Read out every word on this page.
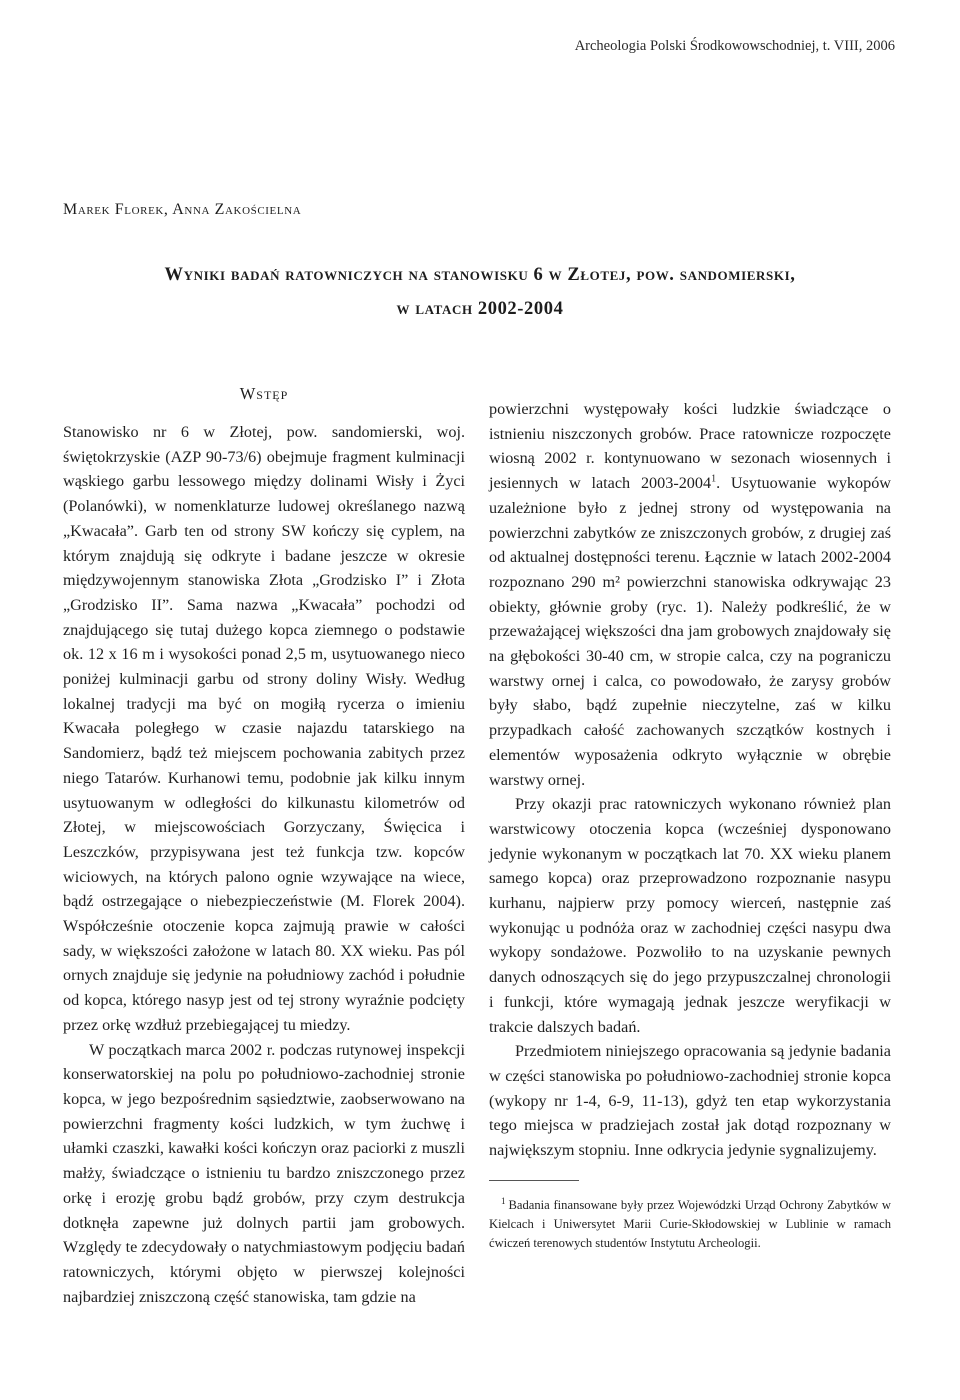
Archeologia Polski Środkowowschodniej, t. VIII, 2006
Marek Florek, Anna Zakościelna
Wyniki badań ratowniczych na stanowisku 6 w Złotej, pow. sandomierski,
w latach 2002-2004
Wstęp

Stanowisko nr 6 w Złotej, pow. sandomierski, woj. świętokrzyskie (AZP 90-73/6) obejmuje fragment kulminacji wąskiego garbu lessowego między dolinami Wisły i Życi (Polanówki), w nomenklaturze ludowej określanego nazwą „Kwacała”. Garb ten od strony SW kończy się cyplem, na którym znajdują się odkryte i badane jeszcze w okresie międzywojennym stanowiska Złota „Grodzisko I” i Złota „Grodzisko II”. Sama nazwa „Kwacała” pochodzi od znajdującego się tutaj dużego kopca ziemnego o podstawie ok. 12 x 16 m i wysokości ponad 2,5 m, usytuowanego nieco poniżej kulminacji garbu od strony doliny Wisły. Według lokalnej tradycji ma być on mogiłą rycerza o imieniu Kwacała poległego w czasie najazdu tatarskiego na Sandomierz, bądź też miejscem pochowania zabitych przez niego Tatarów. Kurhanowi temu, podobnie jak kilku innym usytuowanym w odległości do kilkunastu kilometrów od Złotej, w miejscowościach Gorzyczany, Święcica i Leszczków, przypisywana jest też funkcja tzw. kopców wiciowych, na których palono ognie wzywające na wiece, bądź ostrzegające o niebezpieczeństwie (M. Florek 2004). Współcześnie otoczenie kopca zajmują prawie w całości sady, w większości założone w latach 80. XX wieku. Pas pól ornych znajduje się jedynie na południowy zachód i południe od kopca, którego nasyp jest od tej strony wyraźnie podcięty przez orkę wzdłuż przebiegającej tu miedzy.

W początkach marca 2002 r. podczas rutynowej inspekcji konserwatorskiej na polu po południowo-zachodniej stronie kopca, w jego bezpośrednim sąsiedztwie, zaobserwowano na powierzchni fragmenty kości ludzkich, w tym żuchwę i ułamki czaszki, kawałki kości kończyn oraz paciorki z muszli małży, świadczące o istnieniu tu bardzo zniszczonego przez orkę i erozję grobu bądź grobów, przy czym destrukcja dotknęła zapewne już dolnych partii jam grobowych. Względy te zdecydowały o natychmiastowym podjęciu badań ratowniczych, którymi objęto w pierwszej kolejności najbardziej zniszczoną część stanowiska, tam gdzie na

powierzchni występowały kości ludzkie świadczące o istnieniu niszczonych grobów. Prace ratownicze rozpoczęte wiosną 2002 r. kontynuowano w sezonach wiosennych i jesiennych w latach 2003-2004$^1$. Usytuowanie wykopów uzależnione było z jednej strony od występowania na powierzchni zabytków ze zniszczonych grobów, z drugiej zaś od aktualnej dostępności terenu. Łącznie w latach 2002-2004 rozpoznano 290 m² powierzchni stanowiska odkrywając 23 obiekty, głównie groby (ryc. 1). Należy podkreślić, że w przeważającej większości dna jam grobowych znajdowały się na głębokości 30-40 cm, w stropie calca, czy na pograniczu warstwy ornej i calca, co powodowało, że zarysy grobów były słabo, bądź zupełnie nieczytelne, zaś w kilku przypadkach całość zachowanych szczątków kostnych i elementów wyposażenia odkryto wyłącznie w obrębie warstwy ornej.

Przy okazji prac ratowniczych wykonano również plan warstwicowy otoczenia kopca (wcześniej dysponowano jedynie wykonanym w początkach lat 70. XX wieku planem samego kopca) oraz przeprowadzono rozpoznanie nasypu kurhanu, najpierw przy pomocy wierceń, następnie zaś wykonując u podnóża oraz w zachodniej części nasypu dwa wykopy sondażowe. Pozwoliło to na uzyskanie pewnych danych odnoszących się do jego przypuszczalnej chronologii i funkcji, które wymagają jednak jeszcze weryfikacji w trakcie dalszych badań.

Przedmiotem niniejszego opracowania są jedynie badania w części stanowiska po południowo-zachodniej stronie kopca (wykopy nr 1-4, 6-9, 11-13), gdyż ten etap wykorzystania tego miejsca w pradziejach został jak dotąd rozpoznany w największym stopniu. Inne odkrycia jedynie sygnalizujemy.

$^1$ Badania finansowane były przez Wojewódzki Urząd Ochrony Zabytków w Kielcach i Uniwersytet Marii Curie-Skłodowskiej w Lublinie w ramach ćwiczeń terenowych studentów Instytutu Archeologii.
